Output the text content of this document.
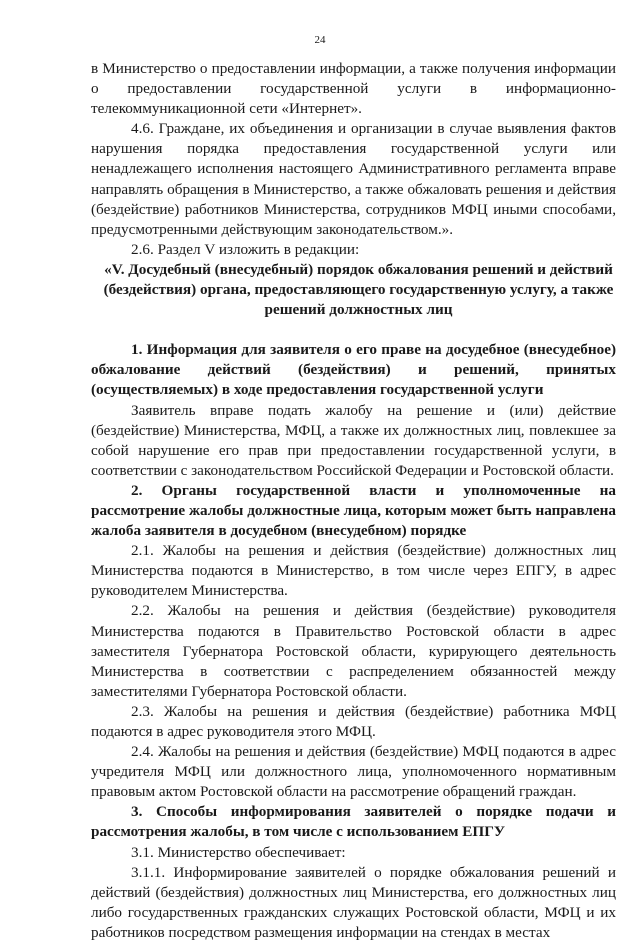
24

в Министерство о предоставлении информации, а также получения информации о предоставлении государственной услуги в информационно-телекоммуникационной сети «Интернет».

4.6. Граждане, их объединения и организации в случае выявления фактов нарушения порядка предоставления государственной услуги или ненадлежащего исполнения настоящего Административного регламента вправе направлять обращения в Министерство, а также обжаловать решения и действия (бездействие) работников Министерства, сотрудников МФЦ иными способами, предусмотренными действующим законодательством.».

2.6. Раздел V изложить в редакции:

«V. Досудебный (внесудебный) порядок обжалования решений и действий (бездействия) органа, предоставляющего государственную услугу, а также решений должностных лиц

1. Информация для заявителя о его праве на досудебное (внесудебное) обжалование действий (бездействия) и решений, принятых (осуществляемых) в ходе предоставления государственной услуги

Заявитель вправе подать жалобу на решение и (или) действие (бездействие) Министерства, МФЦ, а также их должностных лиц, повлекшее за собой нарушение его прав при предоставлении государственной услуги, в соответствии с законодательством Российской Федерации и Ростовской области.

2. Органы государственной власти и уполномоченные на рассмотрение жалобы должностные лица, которым может быть направлена жалоба заявителя в досудебном (внесудебном) порядке

2.1. Жалобы на решения и действия (бездействие) должностных лиц Министерства подаются в Министерство, в том числе через ЕПГУ, в адрес руководителем Министерства.

2.2. Жалобы на решения и действия (бездействие) руководителя Министерства подаются в Правительство Ростовской области в адрес заместителя Губернатора Ростовской области, курирующего деятельность Министерства в соответствии с распределением обязанностей между заместителями Губернатора Ростовской области.

2.3. Жалобы на решения и действия (бездействие) работника МФЦ подаются в адрес руководителя этого МФЦ.

2.4. Жалобы на решения и действия (бездействие) МФЦ подаются в адрес учредителя МФЦ или должностного лица, уполномоченного нормативным правовым актом Ростовской области на рассмотрение обращений граждан.

3. Способы информирования заявителей о порядке подачи и рассмотрения жалобы, в том числе с использованием ЕПГУ

3.1. Министерство обеспечивает:

3.1.1. Информирование заявителей о порядке обжалования решений и действий (бездействия) должностных лиц Министерства, его должностных лиц либо государственных гражданских служащих Ростовской области, МФЦ и их работников посредством размещения информации на стендах в местах
